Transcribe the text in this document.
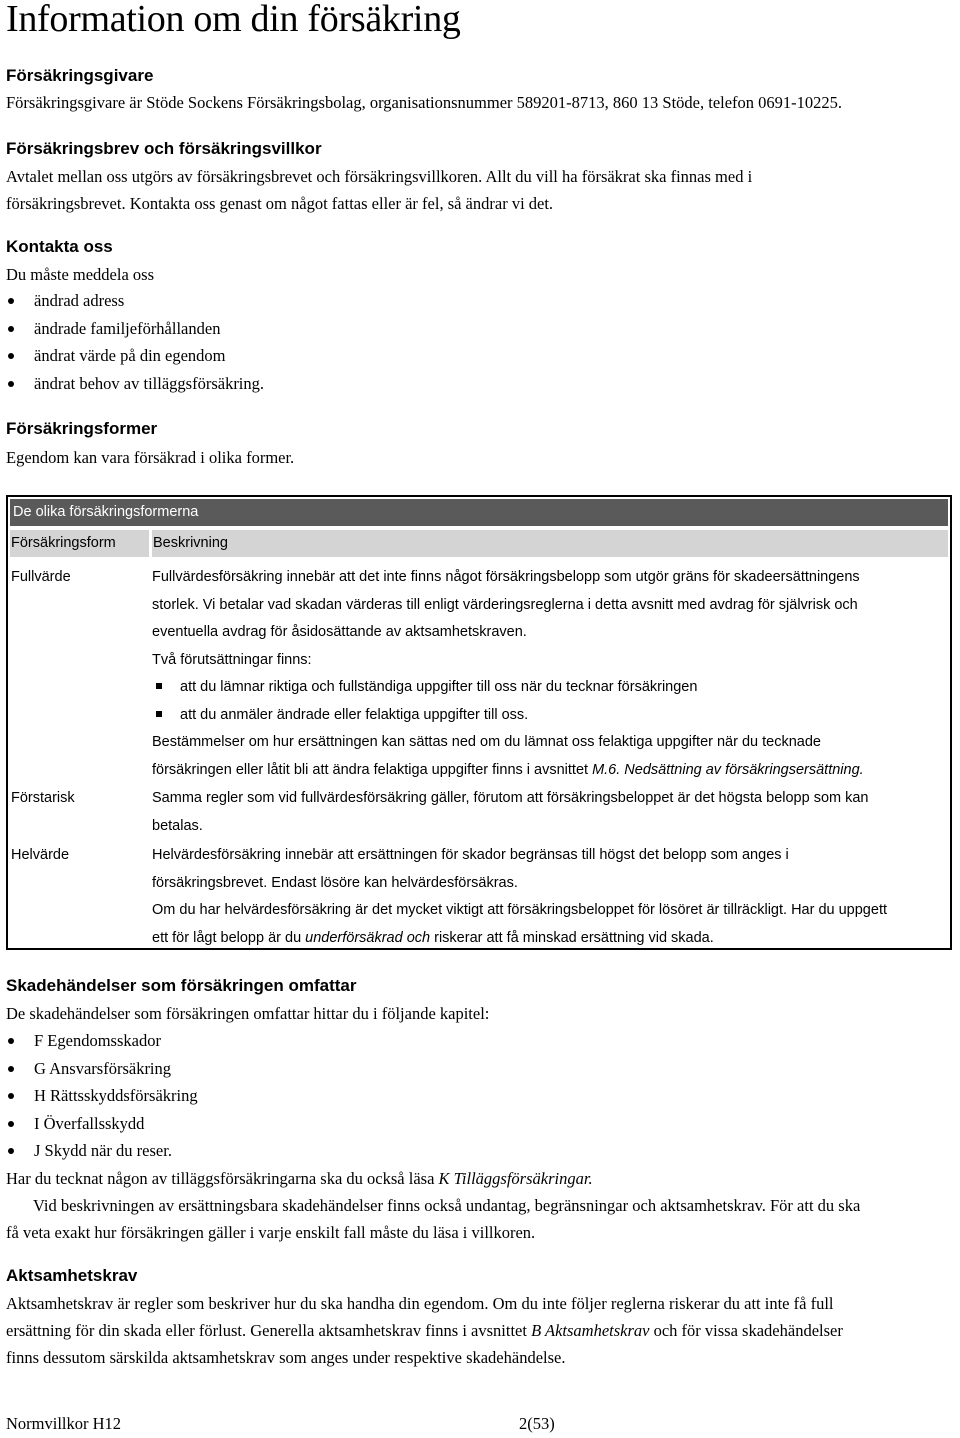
Information om din försäkring
Försäkringsgivare
Försäkringsgivare är Stöde Sockens Försäkringsbolag, organisationsnummer 589201-8713, 860 13 Stöde, telefon 0691-10225.
Försäkringsbrev och försäkringsvillkor
Avtalet mellan oss utgörs av försäkringsbrevet och försäkringsvillkoren. Allt du vill ha försäkrat ska finnas med i
försäkringsbrevet. Kontakta oss genast om något fattas eller är fel, så ändrar vi det.
Kontakta oss
Du måste meddela oss
ändrad adress
ändrade familjeförhållanden
ändrat värde på din egendom
ändrat behov av tilläggsförsäkring.
Försäkringsformer
Egendom kan vara försäkrad i olika former.
De olika försäkringsformerna
Försäkringsform	Beskrivning
Fullvärde	Fullvärdesförsäkring innebär att det inte finns något försäkringsbelopp som utgör gräns för skadeersättningens

storlek. Vi betalar vad skadan värderas till enligt värderingsreglerna i detta avsnitt med avdrag för självrisk och

eventuella avdrag för åsidosättande av aktsamhetskraven.

Två förutsättningar finns:

att du lämnar riktiga och fullständiga uppgifter till oss när du tecknar försäkringen
att du anmäler ändrade eller felaktiga uppgifter till oss.

Bestämmelser om hur ersättningen kan sättas ned om du lämnat oss felaktiga uppgifter när du tecknade

försäkringen eller låtit bli att ändra felaktiga uppgifter finns i avsnittet M.6. Nedsättning av försäkringsersättning.

Förstarisk	Samma regler som vid fullvärdesförsäkring gäller, förutom att försäkringsbeloppet är det högsta belopp som kan

betalas.

Helvärde	Helvärdesförsäkring innebär att ersättningen för skador begränsas till högst det belopp som anges i

försäkringsbrevet. Endast lösöre kan helvärdesförsäkras.

Om du har helvärdesförsäkring är det mycket viktigt att försäkringsbeloppet för lösöret är tillräckligt. Har du uppgett

ett för lågt belopp är du underförsäkrad och riskerar att få minskad ersättning vid skada.

Skadehändelser som försäkringen omfattar
De skadehändelser som försäkringen omfattar hittar du i följande kapitel:
F Egendomsskador
G Ansvarsförsäkring
H Rättsskyddsförsäkring
I Överfallsskydd
J Skydd när du reser.
Har du tecknat någon av tilläggsförsäkringarna ska du också läsa K Tilläggsförsäkringar.
Vid beskrivningen av ersättningsbara skadehändelser finns också undantag, begränsningar och aktsamhetskrav. För att du ska
få veta exakt hur försäkringen gäller i varje enskilt fall måste du läsa i villkoren.
Aktsamhetskrav
Aktsamhetskrav är regler som beskriver hur du ska handha din egendom. Om du inte följer reglerna riskerar du att inte få full
ersättning för din skada eller förlust. Generella aktsamhetskrav finns i avsnittet B Aktsamhetskrav och för vissa skadehändelser
finns dessutom särskilda aktsamhetskrav som anges under respektive skadehändelse.
Normvillkor H12	2(53)
